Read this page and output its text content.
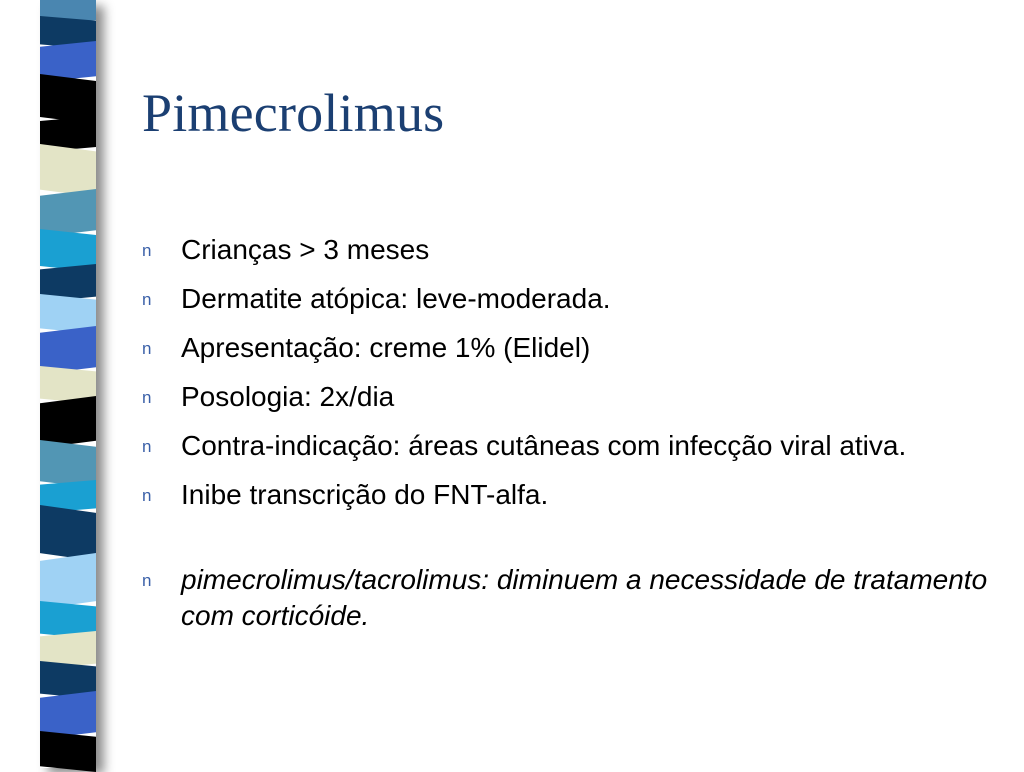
Pimecrolimus
n Crianças > 3 meses
n Dermatite atópica: leve-moderada.
n Apresentação: creme 1% (Elidel)
n Posologia: 2x/dia
n Contra-indicação: áreas cutâneas com infecção viral ativa.
n Inibe transcrição do FNT-alfa.
n pimecrolimus/tacrolimus: diminuem a necessidade de tratamento com corticóide.
